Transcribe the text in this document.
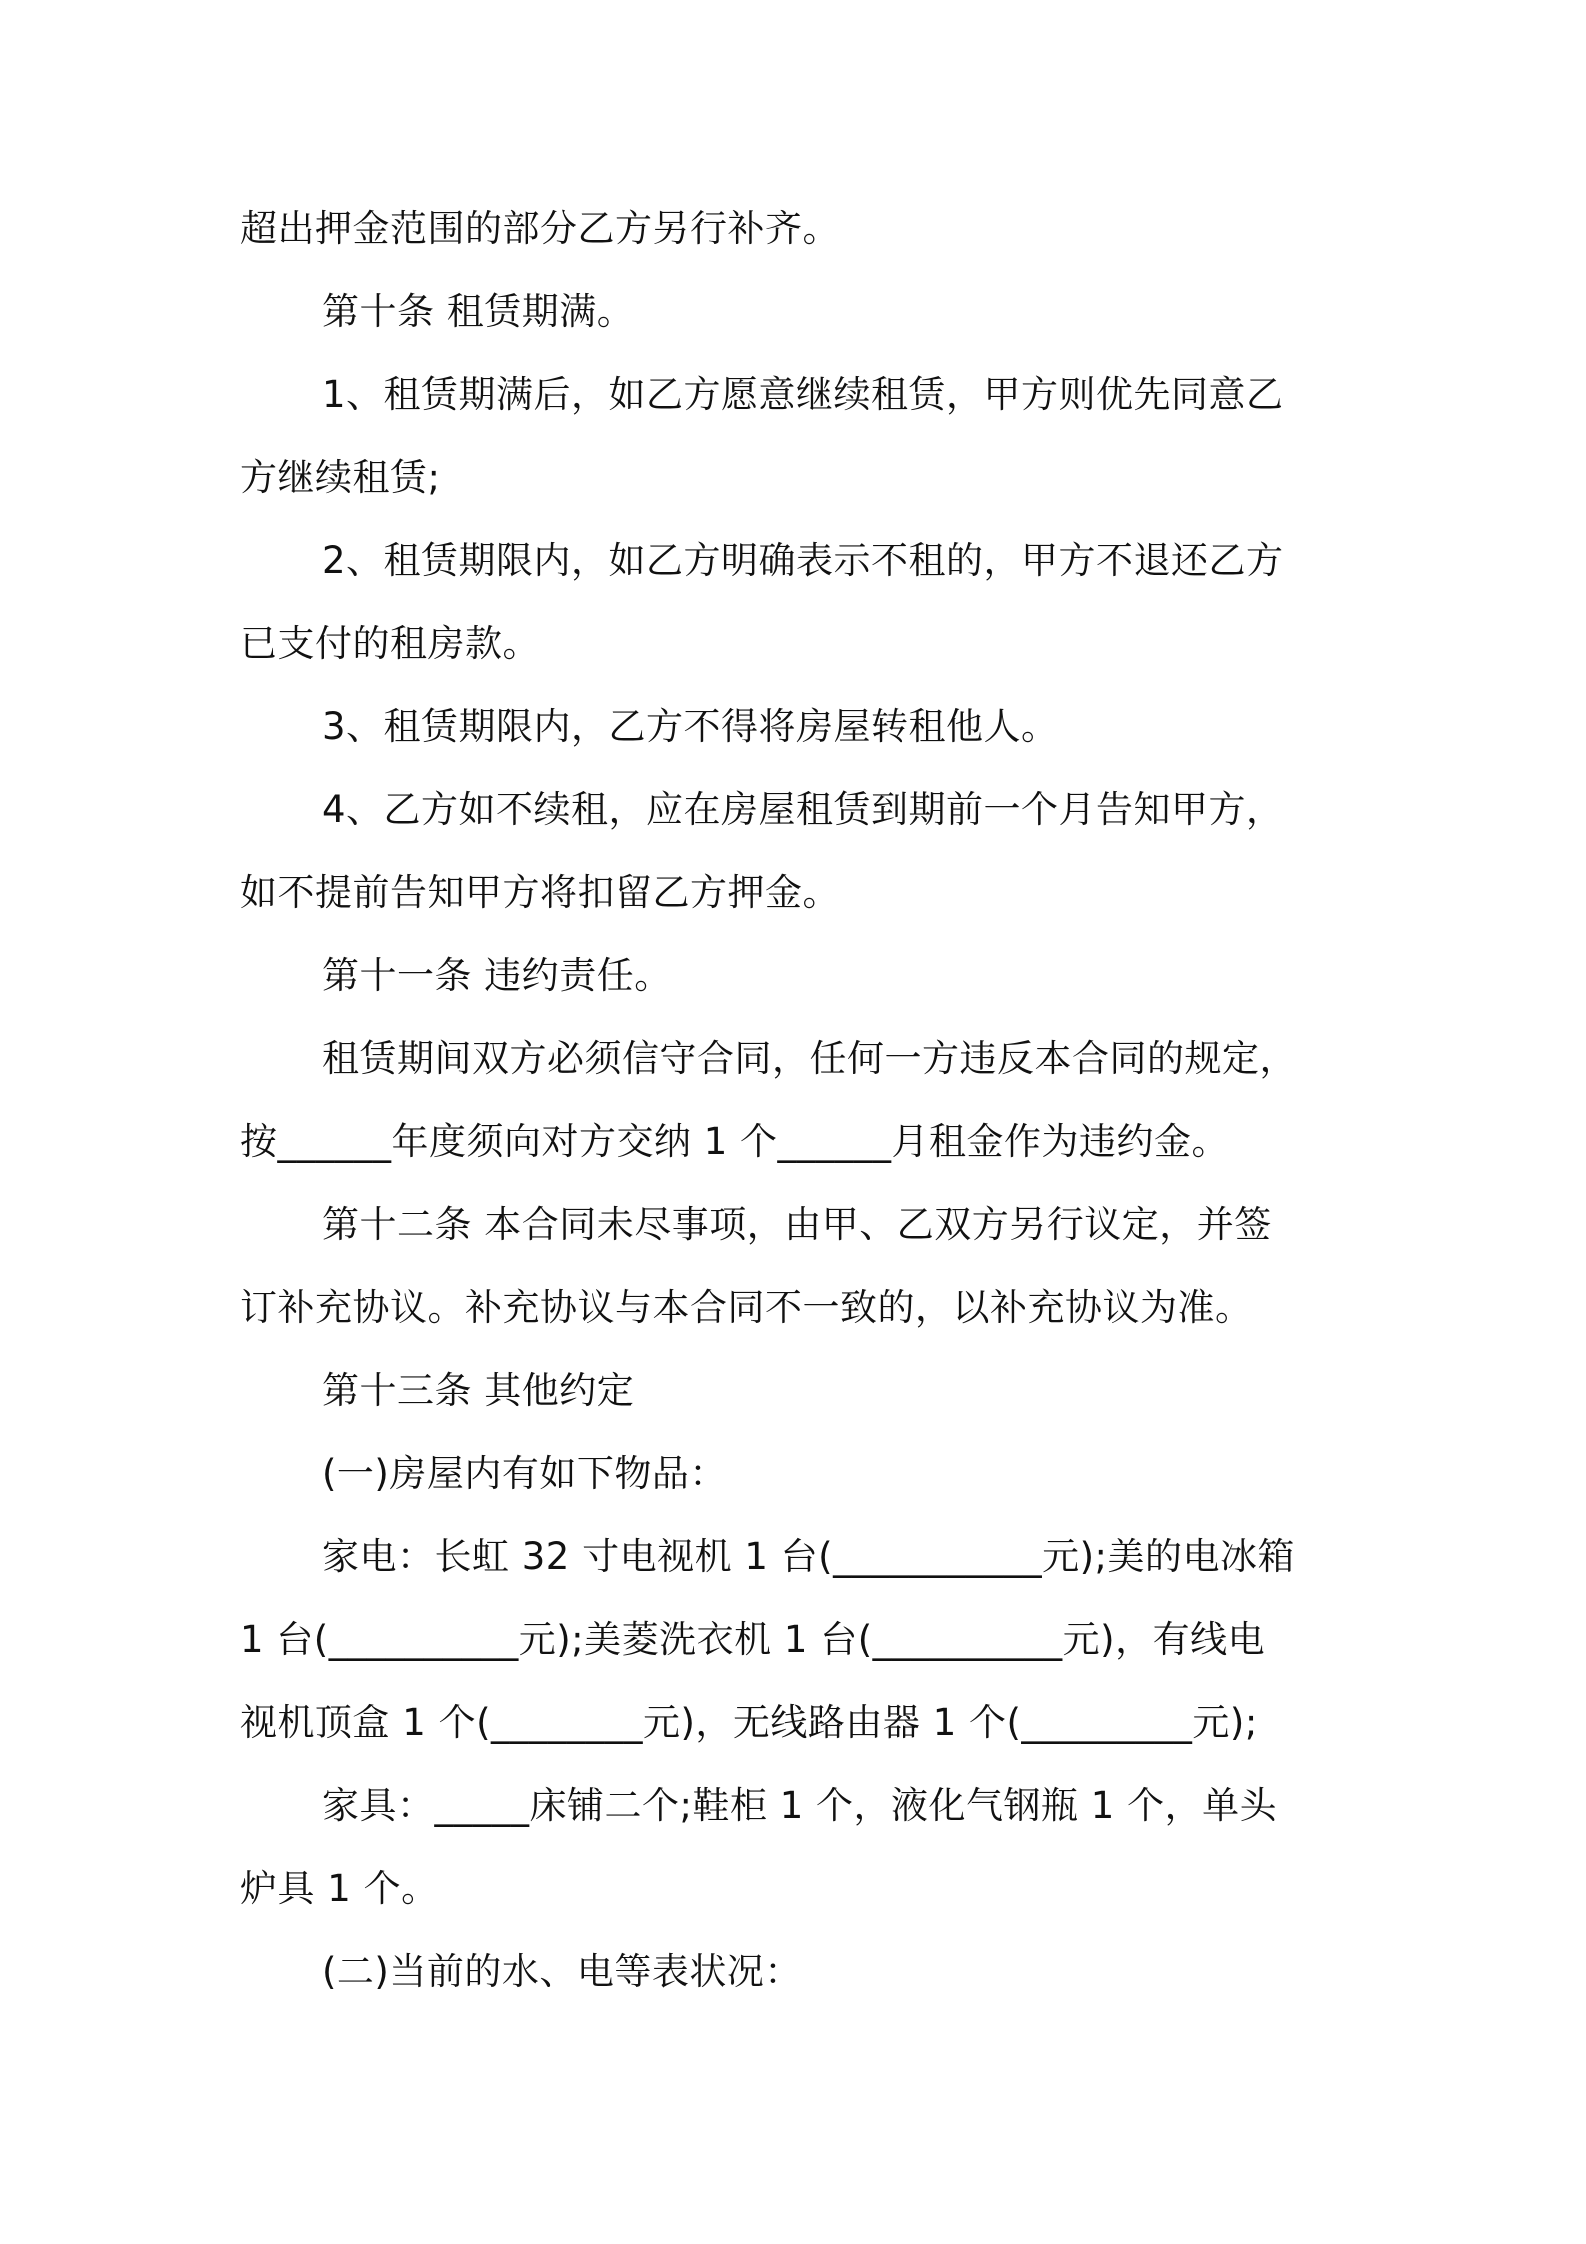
超出押金范围的部分乙方另行补齐。
第十条 租赁期满。
1、租赁期满后，如乙方愿意继续租赁，甲方则优先同意乙
方继续租赁;
2、租赁期限内，如乙方明确表示不租的，甲方不退还乙方
已支付的租房款。
3、租赁期限内，乙方不得将房屋转租他人。
4、乙方如不续租，应在房屋租赁到期前一个月告知甲方，
如不提前告知甲方将扣留乙方押金。
第十一条 违约责任。
租赁期间双方必须信守合同，任何一方违反本合同的规定，
按______年度须向对方交纳 1 个______月租金作为违约金。
第十二条 本合同未尽事项，由甲、乙双方另行议定，并签
订补充协议。补充协议与本合同不一致的，以补充协议为准。
第十三条 其他约定
(一)房屋内有如下物品：
家电：长虹 32 寸电视机 1 台(___________元);美的电冰箱
1 台(__________元);美菱洗衣机 1 台(__________元)，有线电
视机顶盒 1 个(________元)，无线路由器 1 个(_________元);
家具：_____床铺二个;鞋柜 1 个，液化气钢瓶 1 个，单头
炉具 1 个。
(二)当前的水、电等表状况：
